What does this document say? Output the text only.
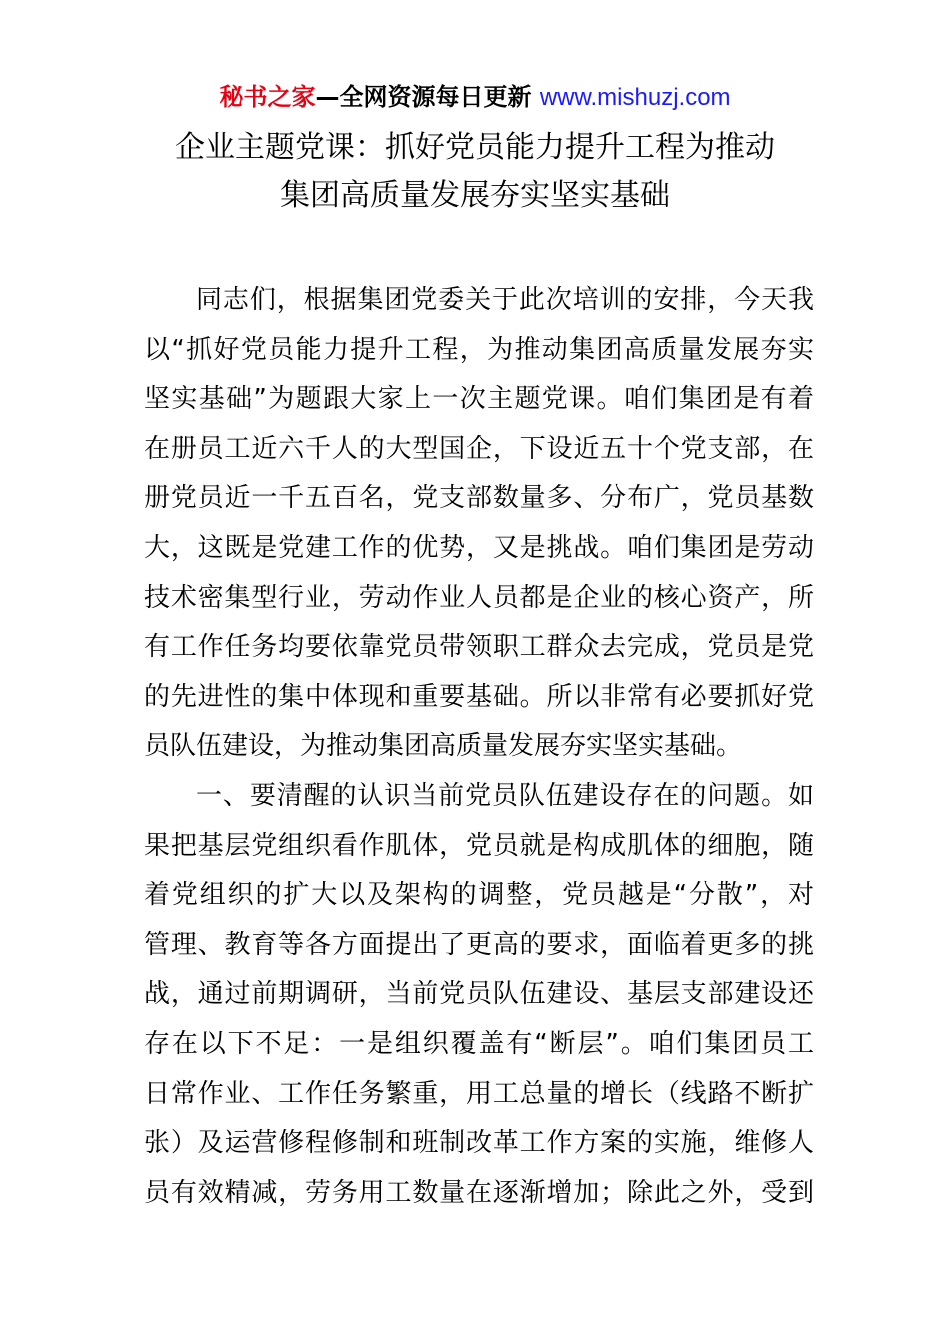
秘书之家—全网资源每日更新 www.mishuzj.com
企业主题党课：抓好党员能力提升工程为推动
集团高质量发展夯实坚实基础
同志们，根据集团党委关于此次培训的安排，今天我
以“抓好党员能力提升工程，为推动集团高质量发展夯实
坚实基础”为题跟大家上一次主题党课。咱们集团是有着
在册员工近六千人的大型国企，下设近五十个党支部，在
册党员近一千五百名，党支部数量多、分布广，党员基数
大，这既是党建工作的优势，又是挑战。咱们集团是劳动
技术密集型行业，劳动作业人员都是企业的核心资产，所
有工作任务均要依靠党员带领职工群众去完成，党员是党
的先进性的集中体现和重要基础。所以非常有必要抓好党
员队伍建设，为推动集团高质量发展夯实坚实基础。
一、要清醒的认识当前党员队伍建设存在的问题。如
果把基层党组织看作肌体，党员就是构成肌体的细胞，随
着党组织的扩大以及架构的调整，党员越是“分散”，对
管理、教育等各方面提出了更高的要求，面临着更多的挑
战，通过前期调研，当前党员队伍建设、基层支部建设还
存在以下不足：一是组织覆盖有“断层”。咱们集团员工
日常作业、工作任务繁重，用工总量的增长（线路不断扩
张）及运营修程修制和班制改革工作方案的实施，维修人
员有效精减，劳务用工数量在逐渐增加；除此之外，受到
